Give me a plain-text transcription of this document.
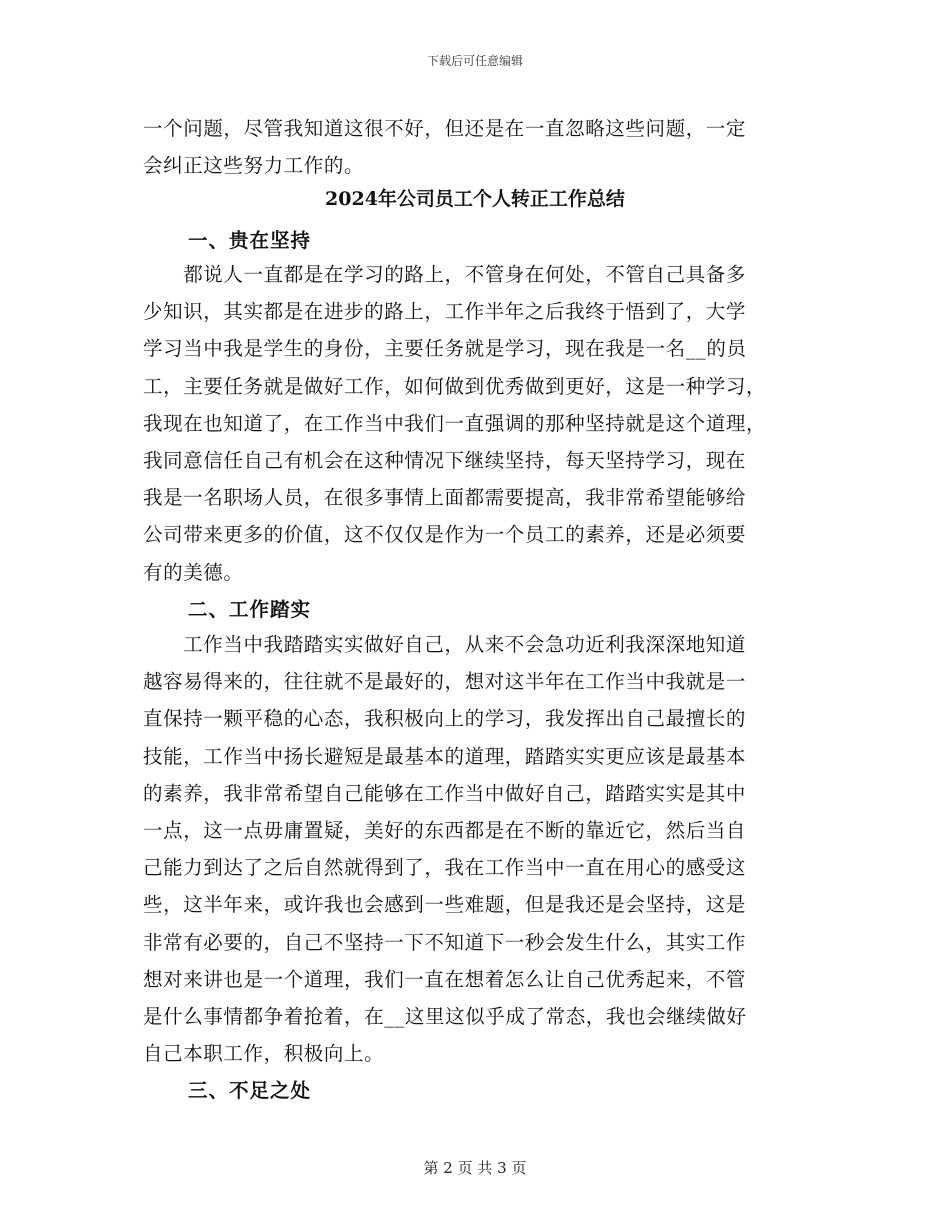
下载后可任意编辑
一个问题，尽管我知道这很不好，但还是在一直忽略这些问题，一定
会纠正这些努力工作的。
2024年公司员工个人转正工作总结
一、贵在坚持
　　都说人一直都是在学习的路上，不管身在何处，不管自己具备多
少知识，其实都是在进步的路上，工作半年之后我终于悟到了，大学
学习当中我是学生的身份，主要任务就是学习，现在我是一名__的员
工，主要任务就是做好工作，如何做到优秀做到更好，这是一种学习，
我现在也知道了，在工作当中我们一直强调的那种坚持就是这个道理，
我同意信任自己有机会在这种情况下继续坚持，每天坚持学习，现在
我是一名职场人员，在很多事情上面都需要提高，我非常希望能够给
公司带来更多的价值，这不仅仅是作为一个员工的素养，还是必须要
有的美德。
二、工作踏实
　　工作当中我踏踏实实做好自己，从来不会急功近利我深深地知道
越容易得来的，往往就不是最好的，想对这半年在工作当中我就是一
直保持一颗平稳的心态，我积极向上的学习，我发挥出自己最擅长的
技能，工作当中扬长避短是最基本的道理，踏踏实实更应该是最基本
的素养，我非常希望自己能够在工作当中做好自己，踏踏实实是其中
一点，这一点毋庸置疑，美好的东西都是在不断的靠近它，然后当自
己能力到达了之后自然就得到了，我在工作当中一直在用心的感受这
些，这半年来，或许我也会感到一些难题，但是我还是会坚持，这是
非常有必要的，自己不坚持一下不知道下一秒会发生什么，其实工作
想对来讲也是一个道理，我们一直在想着怎么让自己优秀起来，不管
是什么事情都争着抢着，在__这里这似乎成了常态，我也会继续做好
自己本职工作，积极向上。
三、不足之处
第 2 页 共 3 页
